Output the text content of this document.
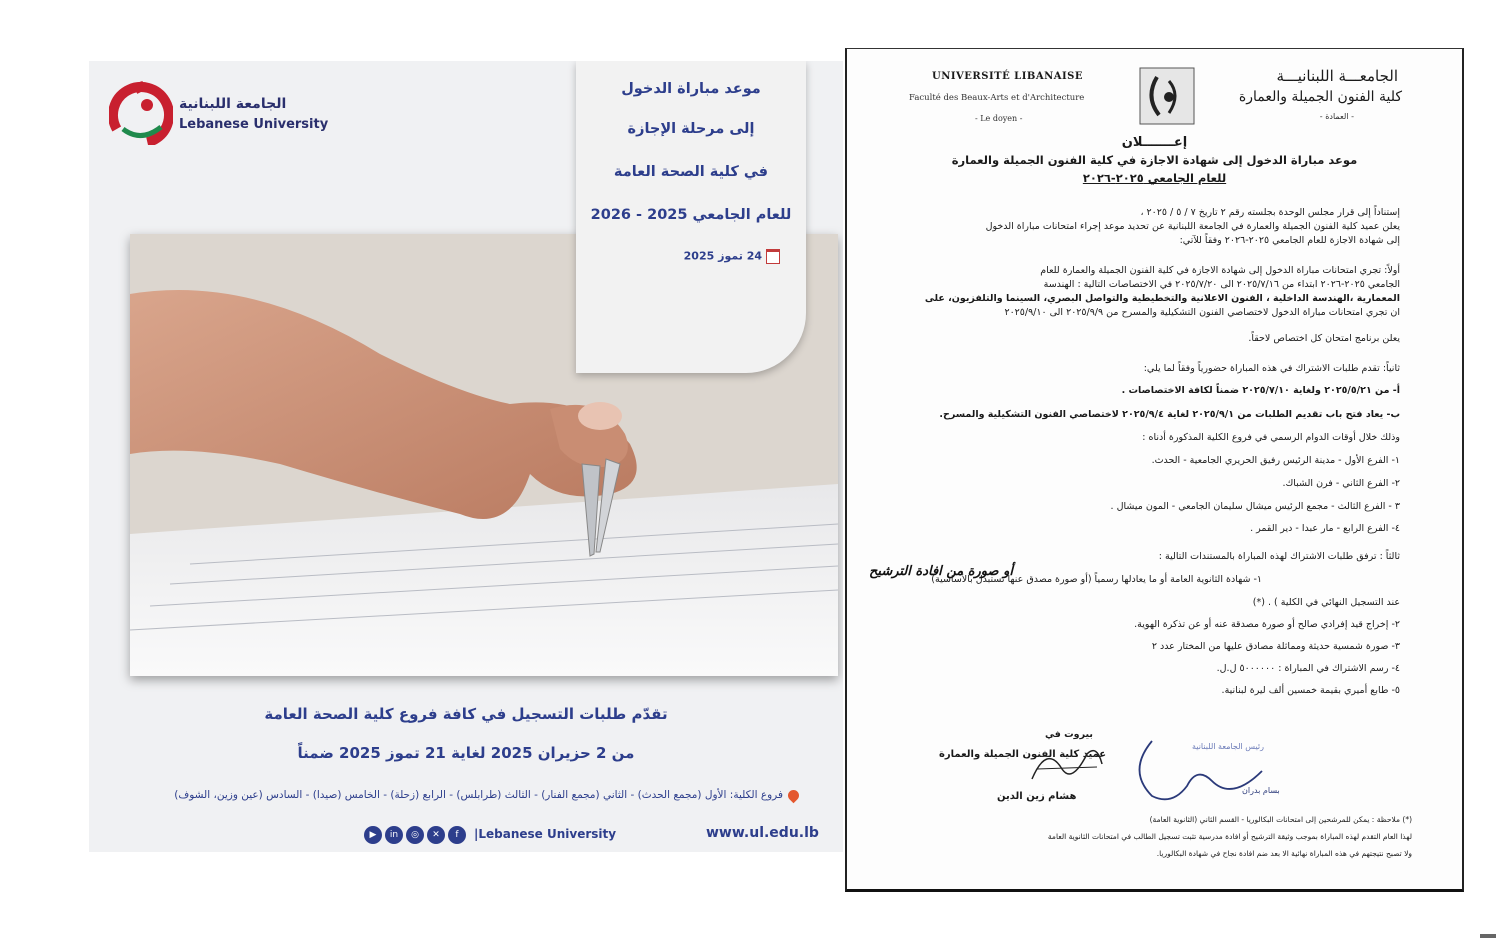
الجامعة اللبنانية
Lebanese University
موعد مباراة الدخول
إلى مرحلة الإجازة
في كلية الصحة العامة
للعام الجامعي 2025 - 2026
24 تموز 2025
تقدّم طلبات التسجيل في كافة فروع كلية الصحة العامة
من 2 حزيران 2025 لغاية 21 تموز 2025 ضمناً
فروع الكلية: الأول (مجمع الحدث) - الثاني (مجمع الفنار) - الثالث (طرابلس) - الرابع (زحلة) - الخامس (صيدا) - السادس (عين وزين، الشوف)
▶	in	◎	✕	f	|Lebanese University	www.ul.edu.lb
UNIVERSITÉ LIBANAISE
Faculté des Beaux-Arts et d'Architecture
- Le doyen -
الجامعـــة اللبنانيـــة
كلية الفنون الجميلة والعمارة
- العمادة -
إعـــــــلان
موعد مباراة الدخول إلى شهادة الاجازة في كلية الفنون الجميلة والعمارة
للعام الجامعي ٢٠٢٥-٢٠٢٦
إستناداً إلى قرار مجلس الوحدة بجلسته رقم ٢ تاريخ ٧ / ٥ / ٢٠٢٥ ،
يعلن عميد كلية الفنون الجميلة والعمارة في الجامعة اللبنانية عن تحديد موعد إجراء امتحانات مباراة الدخول
إلى شهادة الاجازة للعام الجامعي ٢٠٢٥-٢٠٢٦ وفقاً للآتي:
أولاً: تجري امتحانات مباراة الدخول إلى شهادة الاجازة في كلية الفنون الجميلة والعمارة للعام
الجامعي ٢٠٢٥-٢٠٢٦ ابتداء من ٢٠٢٥/٧/١٦ الى ٢٠٢٥/٧/٢٠ في الاختصاصات التالية : الهندسة
المعمارية ،الهندسة الداخلية ، الفنون الاعلانية والتخطيطية والتواصل البصري، السينما والتلفزيون، على
ان تجري امتحانات مباراة الدخول لاختصاصي الفنون التشكيلية والمسرح من ٢٠٢٥/٩/٩ الى ٢٠٢٥/٩/١٠
يعلن برنامج امتحان كل اختصاص لاحقاً.
ثانياً: تقدم طلبات الاشتراك في هذه المباراة حضورياً وفقاً لما يلي:
أ- من ٢٠٢٥/٥/٢١ ولغاية ٢٠٢٥/٧/١٠ ضمناً لكافة الاختصاصات .
ب- يعاد فتح باب تقديم الطلبات من ٢٠٢٥/٩/١ لغاية ٢٠٢٥/٩/٤ لاختصاصي الفنون التشكيلية والمسرح.
وذلك خلال أوقات الدوام الرسمي في فروع الكلية المذكورة أدناه :
١- الفرع الأول - مدينة الرئيس رفيق الحريري الجامعية - الحدث.
٢- الفرع الثاني - فرن الشباك.
٣ - الفرع الثالث - مجمع الرئيس ميشال سليمان الجامعي - المون ميشال .
٤- الفرع الرابع - مار عبدا - دير القمر .
ثالثاً : ترفق طلبات الاشتراك لهذه المباراة بالمستندات التالية :
١- شهادة الثانوية العامة أو ما يعادلها رسمياً (أو صورة مصدق عنها تستبدل بالأساسية)
عند التسجيل النهائي في الكلية ) . (*)
٢- إخراج قيد إفرادي صالح أو صورة مصدقة عنه أو عن تذكرة الهوية.
٣- صورة شمسية حديثة ومماثلة مصادق عليها من المختار عدد ٢
٤- رسم الاشتراك في المباراة : ٥٠٠٠٠٠٠ ل.ل.
٥- طابع أميري بقيمة خمسين ألف ليرة لبنانية.
أو صورة من افادة الترشيح
بيروت في
عميد كلية الفنون الجميلة والعمارة
هشام زين الدين
رئيس الجامعة اللبنانية
بسام بدران
(*) ملاحظة : يمكن للمرشحين إلى امتحانات البكالوريا - القسم الثاني (الثانوية العامة)
لهذا العام التقدم لهذه المباراة بموجب وثيقة الترشيح أو افادة مدرسية تثبت تسجيل الطالب في امتحانات الثانوية العامة
ولا تصبح نتيجتهم في هذه المباراة نهائية الا بعد ضم افادة نجاح في شهادة البكالوريا.
